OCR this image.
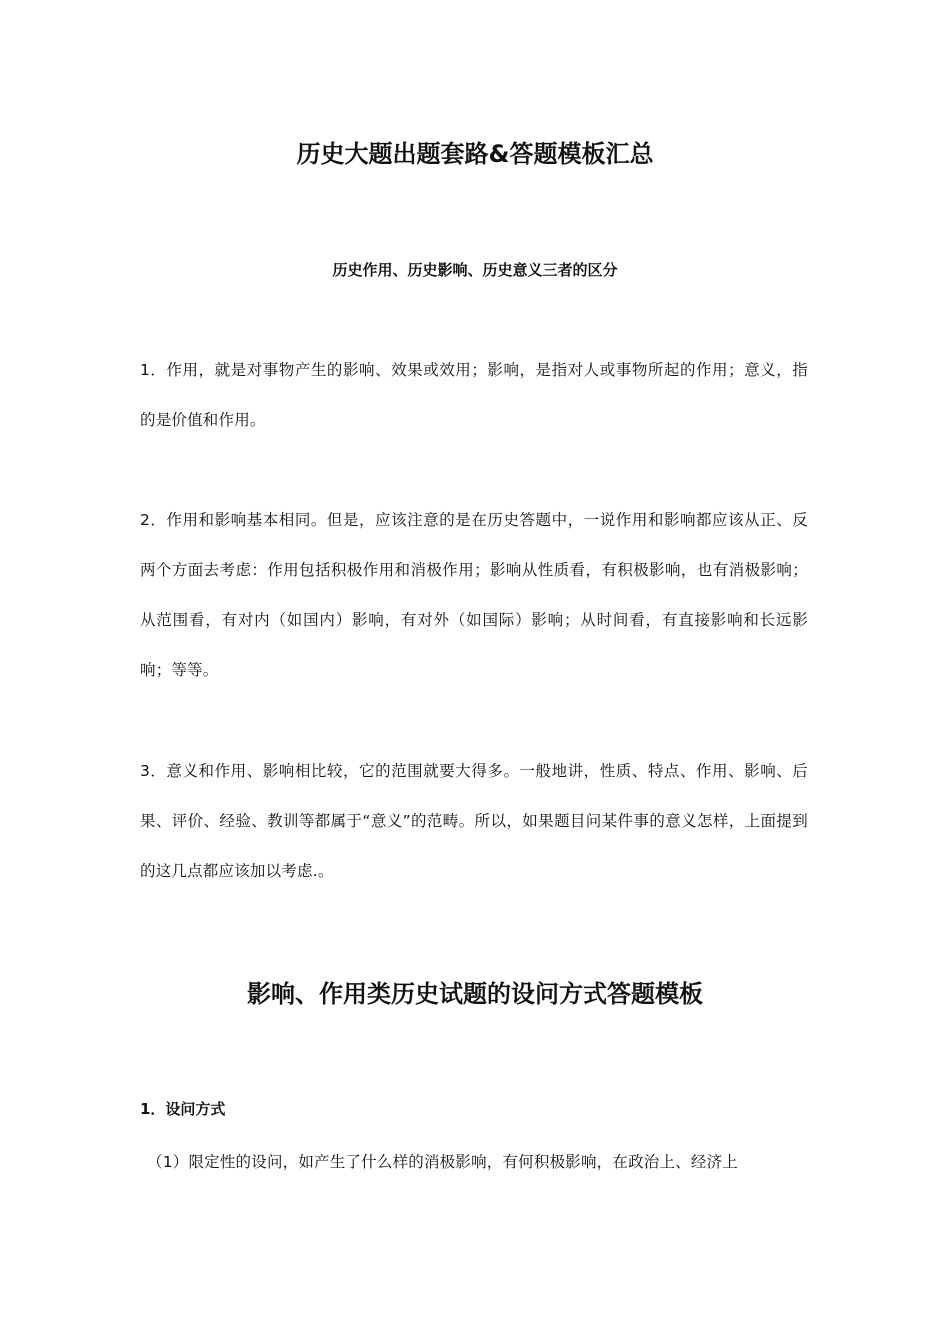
历史大题出题套路&答题模板汇总
历史作用、历史影响、历史意义三者的区分

1．作用，就是对事物产生的影响、效果或效用；影响，是指对人或事物所起的作用；意义，指的是价值和作用。

2．作用和影响基本相同。但是，应该注意的是在历史答题中，一说作用和影响都应该从正、反两个方面去考虑：作用包括积极作用和消极作用；影响从性质看，有积极影响，也有消极影响；从范围看，有对内（如国内）影响，有对外（如国际）影响；从时间看，有直接影响和长远影响；等等。

3．意义和作用、影响相比较，它的范围就要大得多。一般地讲，性质、特点、作用、影响、后果、评价、经验、教训等都属于“意义”的范畴。所以，如果题目问某件事的意义怎样，上面提到的这几点都应该加以考虑.。

影响、作用类历史试题的设问方式答题模板
1．设问方式

（1）限定性的设问，如产生了什么样的消极影响，有何积极影响，在政治上、经济上
